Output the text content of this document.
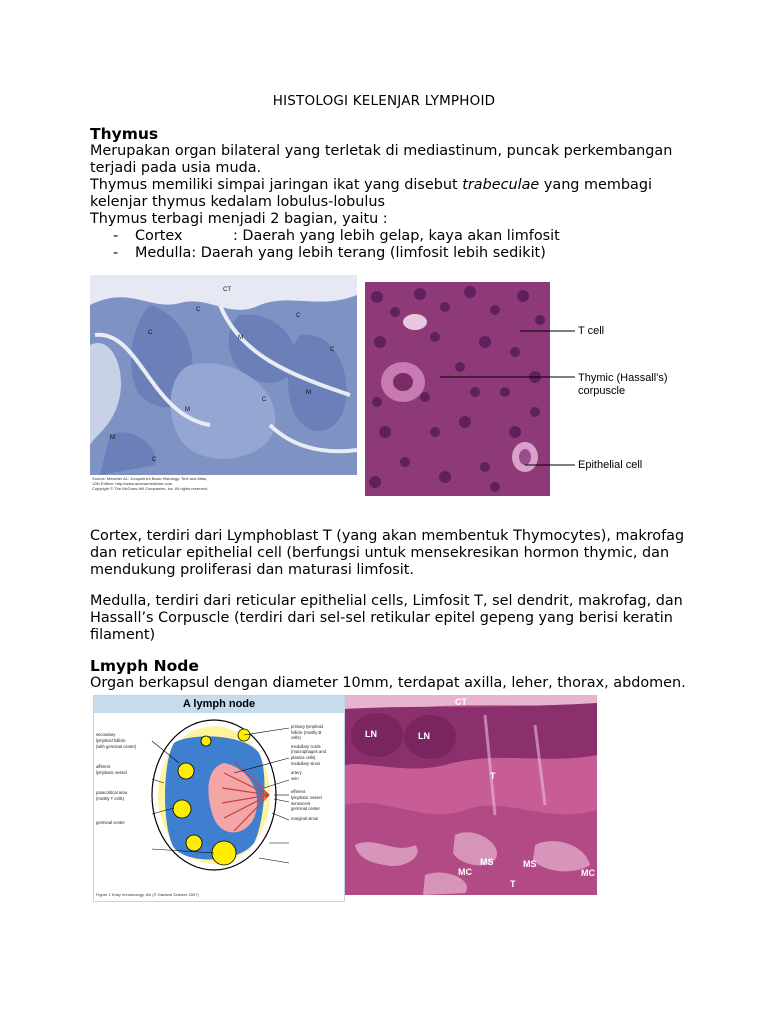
HISTOLOGI KELENJAR LYMPHOID
Thymus
Merupakan organ bilateral yang terletak di mediastinum, puncak perkembangan
terjadi pada usia muda.
Thymus memiliki simpai jaringan ikat yang disebut trabeculae yang membagi
kelenjar thymus kedalam lobulus-lobulus
Thymus terbagi menjadi 2 bagian, yaitu :
-	Cortex	: Daerah yang lebih gelap, kaya akan limfosit
-	Medulla : Daerah yang lebih terang (limfosit lebih sedikit)
CT
C
C
C
C
M
M
M
M
C
C
Source: Mescher AL: Junqueira's Basic Histology: Text and Atlas,
12th Edition: http://www.accessmedicine.com
Copyright © The McGraw-Hill Companies, Inc. All rights reserved.
T cell
Thymic (Hassall's)
corpuscle
Epithelial cell
Cortex, terdiri dari Lymphoblast T (yang akan membentuk Thymocytes), makrofag
dan reticular epithelial cell (berfungsi untuk mensekresikan hormon thymic, dan
mendukung proliferasi dan maturasi limfosit.
Medulla, terdiri dari reticular epithelial cells, Limfosit T, sel dendrit, makrofag, dan
Hassall’s Corpuscle (terdiri dari sel-sel retikular epitel gepeng yang berisi keratin
filament)
Lmyph Node
Organ berkapsul dengan diameter 10mm, terdapat axilla, leher, thorax, abdomen.
A lymph node
secondary
lymphoid follicle
(with germinal center)
afferent
lymphatic vessel
paracortical area
(mostly T cells)
germinal center
primary lymphoid
follicle (mostly B
cells)
medullary cords
(macrophages and
plasma cells)
medullary sinus
artery
vein
efferent
lymphatic vessel
senescent
germinal center
marginal sinus
Figure 1 Kuby Immunology, 6/e (© Garland Science 2007)
CT
LN	LN
T
MS	MS
MC	MC
T
